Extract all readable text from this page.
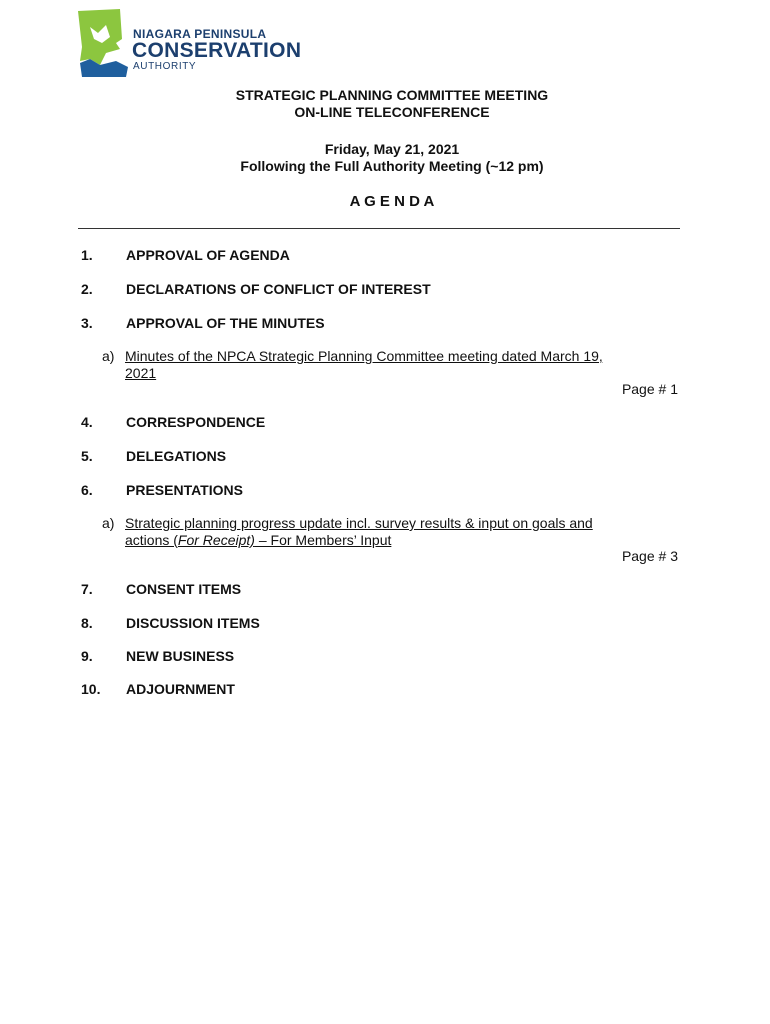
NIAGARA PENINSULA
CONSERVATION
AUTHORITY
STRATEGIC PLANNING COMMITTEE MEETING
ON-LINE TELECONFERENCE
Friday, May 21, 2021
Following the Full Authority Meeting (~12 pm)
A G E N D A
1. APPROVAL OF AGENDA
2. DECLARATIONS OF CONFLICT OF INTEREST
3. APPROVAL OF THE MINUTES
a) Minutes of the NPCA Strategic Planning Committee meeting dated March 19,
2021
Page # 1
4. CORRESPONDENCE
5. DELEGATIONS
6. PRESENTATIONS
a) Strategic planning progress update incl. survey results & input on goals and
actions (For Receipt) – For Members’ Input
Page # 3
7. CONSENT ITEMS
8. DISCUSSION ITEMS
9. NEW BUSINESS
10. ADJOURNMENT
